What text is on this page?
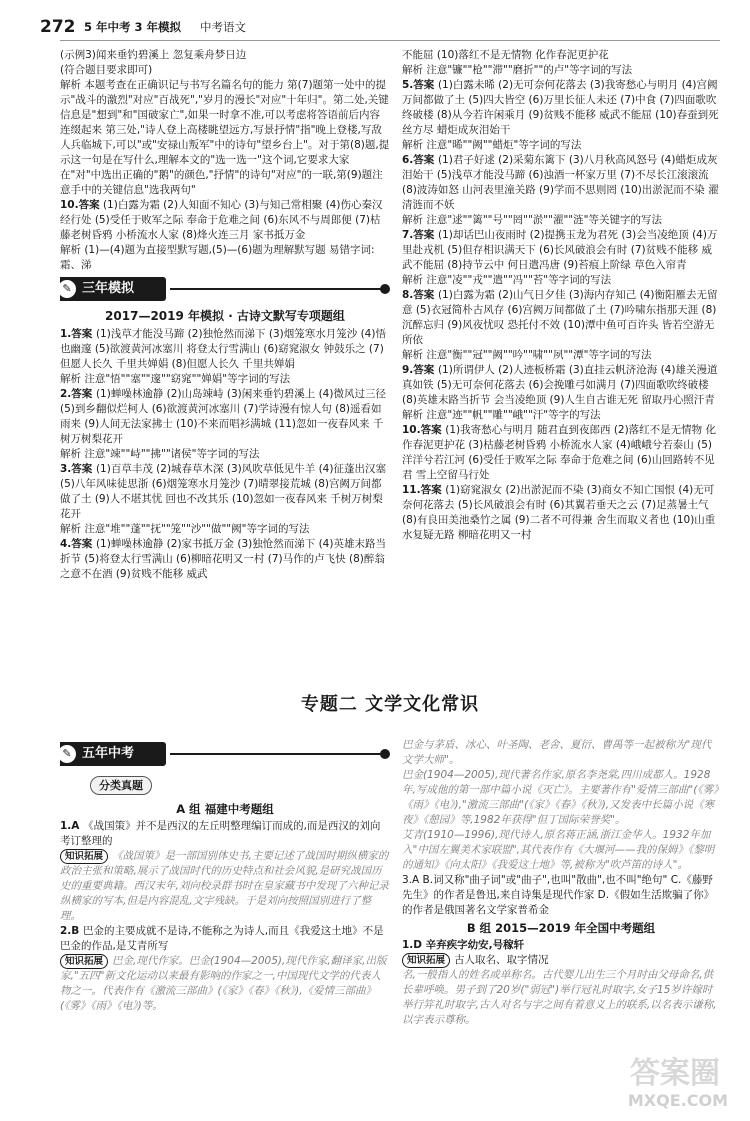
272 5 年中考 3 年模拟 中考语文

(示例3)闻来垂钓碧溪上 忽复乘舟梦日边

(符合题目要求即可)

解析 本题考查在正确识记与书写名篇名句的能力 第(7)题第一处中的提示"战斗的激烈"对应"百战死","岁月的漫长"对应"十年归"。第二处,关键信息是"想到"和"国破家亡",如果一时拿不准,可以考虑将答语前后内容连缀起来 第三处,"诗人登上高楼眺望远方,写景抒情"指"晚上登楼,写敌人兵临城下,可以"或"安禄山叛军"中的诗句"望乡台上"。对于第(8)题,提示这一句是在写什么,理解本文的"选一选一"这个词,它要求大家在"对"中选出正确的"鹅"的颜色,"抒情"的诗句"对应"的一联,第(9)题注意手中的关键信息"选我两句"

10.答案 (1)白露为霜 (2)人知面不知心 (3)与知己常相聚 (4)伤心秦汉经行处 (5)受任于败军之际 奉命于危难之间 (6)东风不与周郎便 (7)枯藤老树昏鸦 小桥流水人家 (8)烽火连三月 家书抵万金

解析 (1)—(4)题为直接型默写题,(5)—(6)题为理解默写题 易错字词:霜、涕

✎ 三年模拟
2017—2019 年模拟 · 古诗文默写专项题组

1.答案 (1)浅草才能没马蹄 (2)独怆然而涕下 (3)烟笼寒水月笼沙 (4)悟也幽邃 (5)欲渡黄河冰塞川 将登太行雪满山 (6)窈窕淑女 钟鼓乐之 (7)但愿人长久 千里共婵娟 (8)但愿人长久 千里共婵娟

解析 注意"悟""塞""邃""窈窕""婵娟"等字词的写法

2.答案 (1)蝉噪林逾静 (2)山岛竦峙 (3)闲来垂钓碧溪上 (4)微风过三径 (5)到乡翻似烂柯人 (6)欲渡黄河冰塞川 (7)学诗漫有惊人句 (8)遥看如雨来 (9)人间无法家拂士 (10)不来而唱衫满城 (11)忽如一夜春风来 千树万树梨花开

解析 注意"竦""峙""拂""诸侯"等字词的写法

3.答案 (1)百草丰茂 (2)城春草木深 (3)风吹草低见牛羊 (4)征蓬出汉塞 (5)八年风味徒思浙 (6)烟笼寒水月笼沙 (7)晴翠接荒城 (8)宫阙万间都做了土 (9)人不堪其忧 回也不改其乐 (10)忽如一夜春风来 千树万树梨花开

解析 注意"堆""蓬""抚""笼""沙""做""阙"等字词的写法

4.答案 (1)蝉噪林逾静 (2)家书抵万金 (3)独怆然而涕下 (4)英雄末路当折节 (5)将登太行雪满山 (6)柳暗花明又一村 (7)马作的卢飞快 (8)醉翁之意不在酒 (9)贫贱不能移 威武

不能屈 (10)落红不是无情物 化作春泥更护花

解析 注意"镰""枪""滞""磨折""的卢"等字词的写法

5.答案 (1)白露未晞 (2)无可奈何花落去 (3)我寄愁心与明月 (4)宫阙万间都做了土 (5)四大皆空 (6)万里长征人未还 (7)中食 (7)四面歌吹终破楼 (8)从今若许闲乘月 (9)贫贱不能移 威武不能屈 (10)春蚕到死丝方尽 蜡炬成灰泪始干

解析 注意"晞""阙""蜡炬"等字词的写法

6.答案 (1)君子好逑 (2)采菊东篱下 (3)八月秋高风怒号 (4)蜡炬成灰泪始干 (5)浅草才能没马蹄 (6)浊酒一杯家万里 (7)不尽长江滚滚流 (8)波涛如怒 山河表里潼关路 (9)学而不思则罔 (10)出淤泥而不染 濯清涟而不妖

解析 注意"逑""篱""号""罔""淤""濯""涟"等关键字的写法

7.答案 (1)却话巴山夜雨时 (2)提携玉龙为君死 (3)会当凌绝顶 (4)万里赴戎机 (5)但存相识满天下 (6)长风破浪会有时 (7)贫贱不能移 威武不能屈 (8)持节云中 何日遣冯唐 (9)苔痕上阶绿 草色入帘青

解析 注意"凌""戎""遣""冯""苔"等字词的写法

8.答案 (1)白露为霜 (2)山气日夕佳 (3)海内存知己 (4)衡阳雁去无留意 (5)衣冠简朴古风存 (6)宫阙万间都做了土 (7)吟啸东指那天涯 (8)沉醉忘归 (9)风夜忧叹 恐托付不效 (10)潭中鱼可百许头 皆若空游无所依

解析 注意"衡""冠""阙""吟""啸""夙""潭"等字词的写法

9.答案 (1)所谓伊人 (2)人迹板桥霜 (3)直挂云帆济沧海 (4)雄关漫道真如铁 (5)无可奈何花落去 (6)会挽雕弓如满月 (7)四面歌吹终破楼 (8)英雄末路当折节 会当凌绝顶 (9)人生自古谁无死 留取丹心照汗青

解析 注意"迹""帆""雕""峨""汗"等字的写法

10.答案 (1)我寄愁心与明月 随君直到夜郎西 (2)落红不是无情物 化作春泥更护花 (3)枯藤老树昏鸦 小桥流水人家 (4)峨峨兮若泰山 (5)洋洋兮若江河 (6)受任于败军之际 奉命于危难之间 (6)山回路转不见君 雪上空留马行处

11.答案 (1)窈窕淑女 (2)出淤泥而不染 (3)商女不知亡国恨 (4)无可奈何花落去 (5)长风破浪会有时 (6)其翼若垂天之云 (7)足蒸暑土气 (8)有良田美池桑竹之属 (9)二者不可得兼 舍生而取义者也 (10)山重水复疑无路 柳暗花明又一村

专题二 文学文化常识
✎ 五年中考
分类真题
A 组 福建中考题组

1.A 《战国策》并不是西汉的左丘明整理编订而成的,而是西汉的刘向考订整理的

知识拓展 《战国策》是一部国别体史书,主要记述了战国时期纵横家的政治主张和策略,展示了战国时代的历史特点和社会风貌,是研究战国历史的重要典籍。西汉末年,刘向校录群书时在皇家藏书中发现了六种记录纵横家的写本,但是内容混乱,文字残缺。于是刘向按照国别进行了整理。

2.B 巴金的主要成就不是诗,不能称之为诗人,而且《我爱这土地》不是巴金的作品,是艾青所写

知识拓展 巴金,现代作家。巴金(1904—2005),现代作家,翻译家,出版家,"五四"新文化运动以来最有影响的作家之一,中国现代文学的代表人物之一。代表作有《激流三部曲》(《家》《春》《秋》),《爱情三部曲》(《雾》《雨》《电》)等。

巴金与茅盾、冰心、叶圣陶、老舍、夏衍、曹禺等一起被称为"现代文学大师"。

巴金(1904—2005),现代著名作家,原名李尧棠,四川成都人。1928年,写成他的第一部中篇小说《灭亡》。主要著作有"爱情三部曲"(《雾》《雨》《电》),"激流三部曲"(《家》《春》《秋》),又发表中长篇小说《寒夜》《憩园》等,1982年获得"但丁国际荣誉奖"。

艾青(1910—1996),现代诗人,原名蒋正涵,浙江金华人。1932年加入"中国左翼美术家联盟",其代表作有《大堰河——我的保姆》《黎明的通知》《向太阳》《我爱这土地》等,被称为"吹芦笛的诗人"。

3.A B.词又称"曲子词"或"曲子",也叫"散曲",也不叫"绝句" C.《藤野先生》的作者是鲁迅,来自诗集是现代作家 D.《假如生活欺骗了你》的作者是俄国著名文学家普希金

B 组 2015—2019 年全国中考题组

1.D 辛弃疾字幼安,号稼轩

知识拓展 古人取名、取字情况

名,一般指人的姓名或单称名。古代婴儿出生三个月时由父母命名,供长辈呼唤。男子到了20岁("弱冠")举行冠礼时取字,女子15岁许嫁时举行笄礼时取字,古人对名与字之间有着意义上的联系,以名表示谦称,以字表示尊称。

答案圈
MXQE.COM
